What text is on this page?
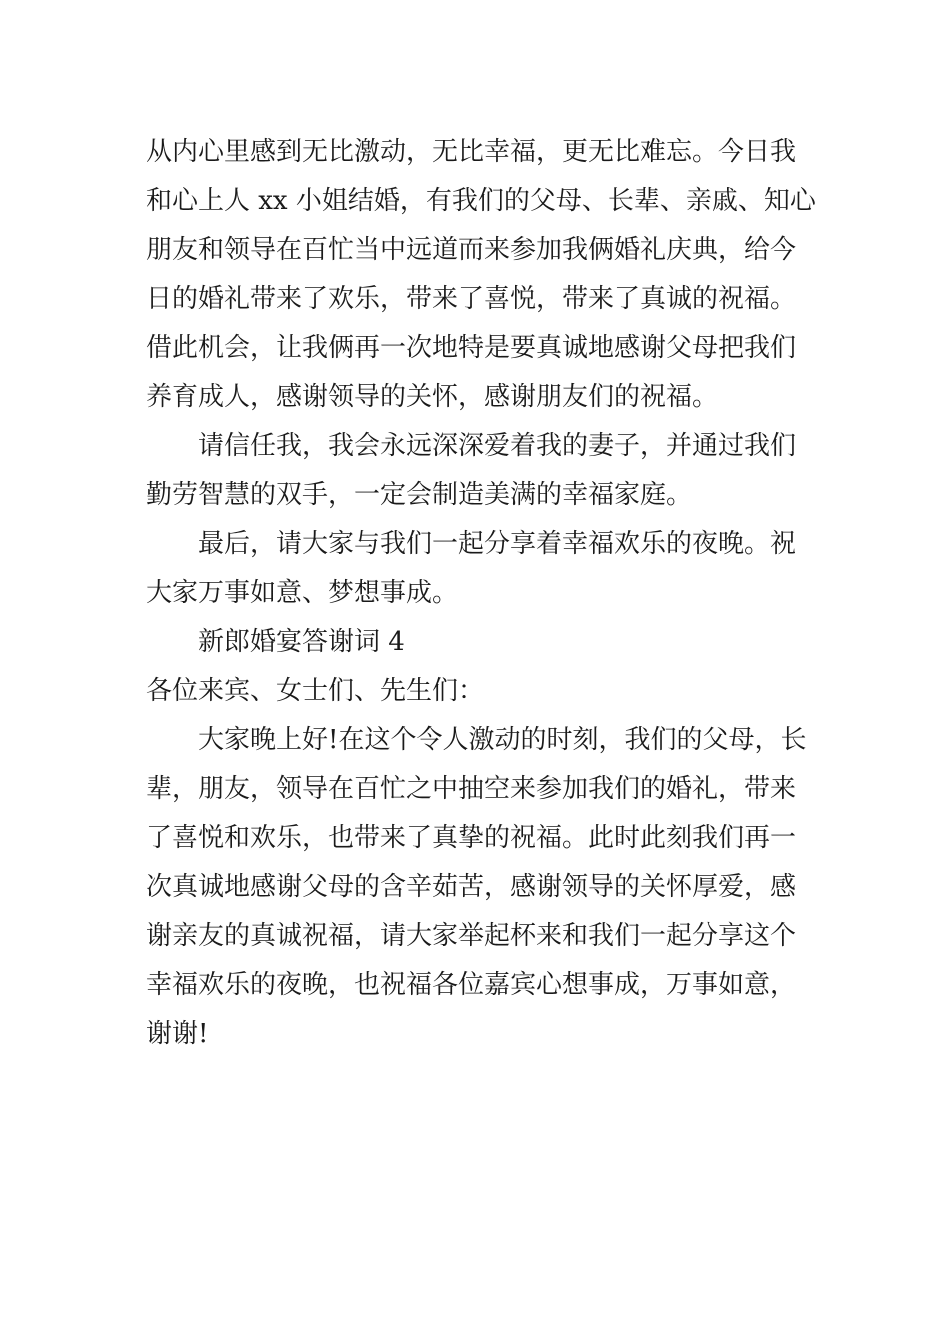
从内心里感到无比激动，无比幸福，更无比难忘。今日我
和心上人 xx 小姐结婚，有我们的父母、长辈、亲戚、知心
朋友和领导在百忙当中远道而来参加我俩婚礼庆典，给今
日的婚礼带来了欢乐，带来了喜悦，带来了真诚的祝福。
借此机会，让我俩再一次地特是要真诚地感谢父母把我们
养育成人，感谢领导的关怀，感谢朋友们的祝福。
请信任我，我会永远深深爱着我的妻子，并通过我们
勤劳智慧的双手，一定会制造美满的幸福家庭。
最后，请大家与我们一起分享着幸福欢乐的夜晚。祝
大家万事如意、梦想事成。
新郎婚宴答谢词 4
各位来宾、女士们、先生们：
大家晚上好!在这个令人激动的时刻，我们的父母，长
辈，朋友，领导在百忙之中抽空来参加我们的婚礼，带来
了喜悦和欢乐，也带来了真挚的祝福。此时此刻我们再一
次真诚地感谢父母的含辛茹苦，感谢领导的关怀厚爱，感
谢亲友的真诚祝福，请大家举起杯来和我们一起分享这个
幸福欢乐的夜晚，也祝福各位嘉宾心想事成，万事如意，
谢谢!
